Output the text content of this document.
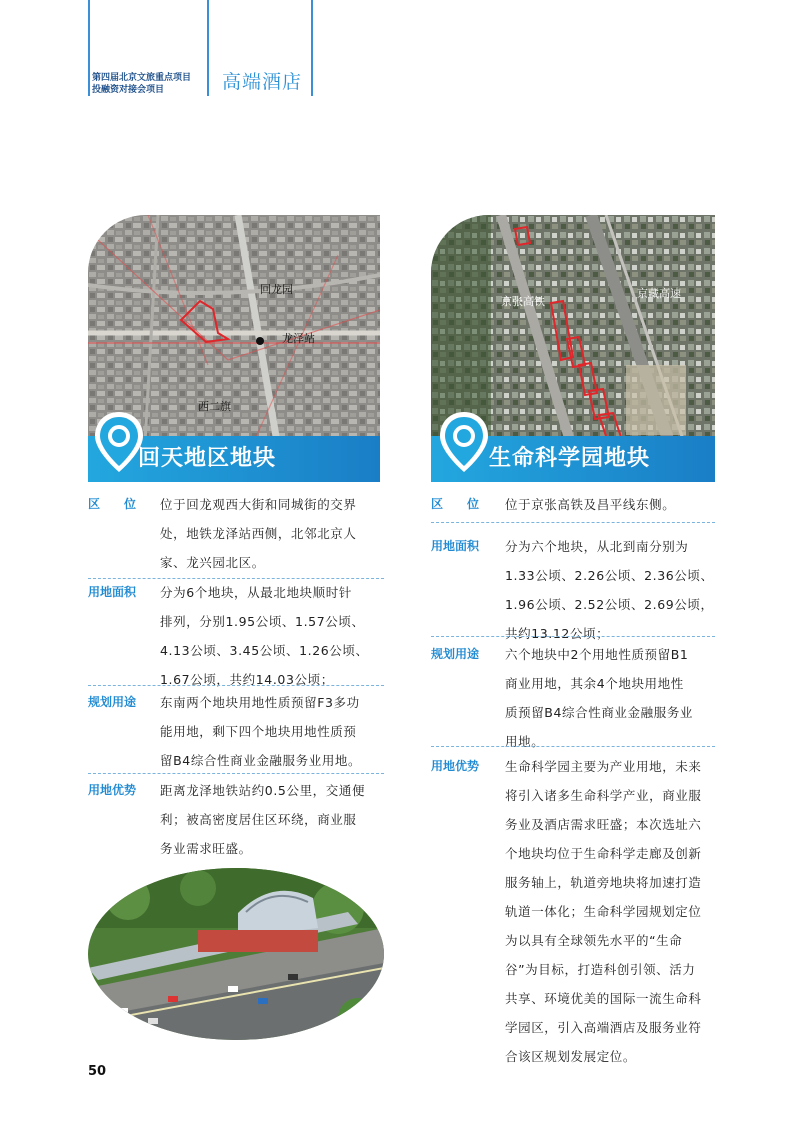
第四届北京文旅重点项目
投融资对接会项目	高端酒店
回龙园
龙泽站
西二旗
回天地区地块
区　　位 位于回龙观西大街和同城街的交界
处，地铁龙泽站西侧，北邻北京人
家、龙兴园北区。
用地面积 分为6个地块，从最北地块顺时针
排列，分别1.95公顷、1.57公顷、
4.13公顷、3.45公顷、1.26公顷、
1.67公顷，共约14.03公顷；
规划用途 东南两个地块用地性质预留F3多功
能用地，剩下四个地块用地性质预
留B4综合性商业金融服务业用地。
用地优势 距离龙泽地铁站约0.5公里，交通便
利；被高密度居住区环绕，商业服
务业需求旺盛。
京张高铁
京藏高速
生命科学园地块
区　　位 位于京张高铁及昌平线东侧。
用地面积 分为六个地块，从北到南分别为
1.33公顷、2.26公顷、2.36公顷、
1.96公顷、2.52公顷、2.69公顷，
共约13.12公顷；
规划用途 六个地块中2个用地性质预留B1
商业用地，其余4个地块用地性
质预留B4综合性商业金融服务业
用地。
用地优势 生命科学园主要为产业用地，未来
将引入诸多生命科学产业，商业服
务业及酒店需求旺盛；本次选址六
个地块均位于生命科学走廊及创新
服务轴上，轨道旁地块将加速打造
轨道一体化；生命科学园规划定位
为以具有全球领先水平的“生命
谷”为目标，打造科创引领、活力
共享、环境优美的国际一流生命科
学园区，引入高端酒店及服务业符
合该区规划发展定位。
50
